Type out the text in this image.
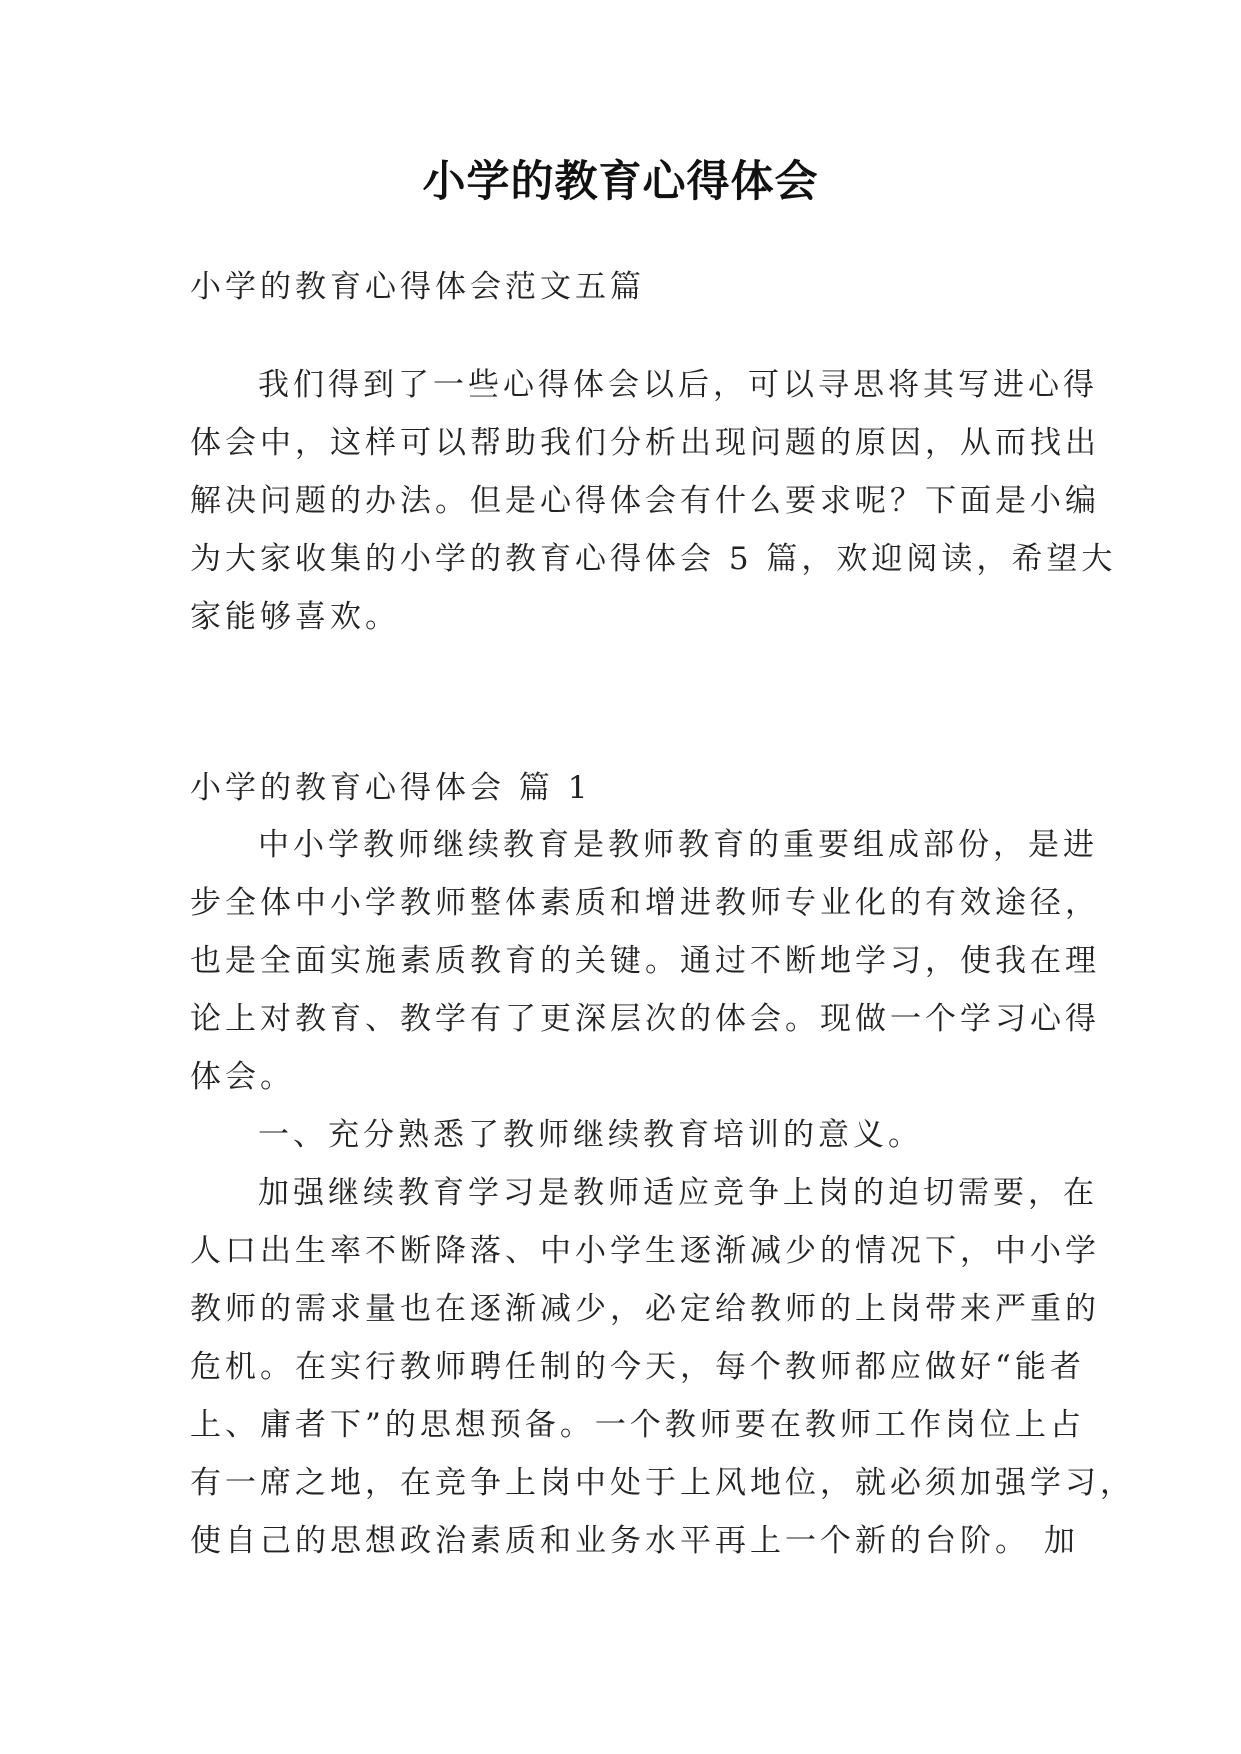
小学的教育心得体会

小学的教育心得体会范文五篇

我们得到了一些心得体会以后，可以寻思将其写进心得
体会中，这样可以帮助我们分析出现问题的原因，从而找出
解决问题的办法。但是心得体会有什么要求呢？下面是小编
为大家收集的小学的教育心得体会 5 篇，欢迎阅读，希望大
家能够喜欢。

小学的教育心得体会 篇 1

中小学教师继续教育是教师教育的重要组成部份，是进
步全体中小学教师整体素质和增进教师专业化的有效途径，
也是全面实施素质教育的关键。通过不断地学习，使我在理
论上对教育、教学有了更深层次的体会。现做一个学习心得
体会。

一、充分熟悉了教师继续教育培训的意义。

加强继续教育学习是教师适应竞争上岗的迫切需要，在
人口出生率不断降落、中小学生逐渐减少的情况下，中小学
教师的需求量也在逐渐减少，必定给教师的上岗带来严重的
危机。在实行教师聘任制的今天，每个教师都应做好“能者
上、庸者下”的思想预备。一个教师要在教师工作岗位上占
有一席之地，在竞争上岗中处于上风地位，就必须加强学习，
使自己的思想政治素质和业务水平再上一个新的台阶。 加
